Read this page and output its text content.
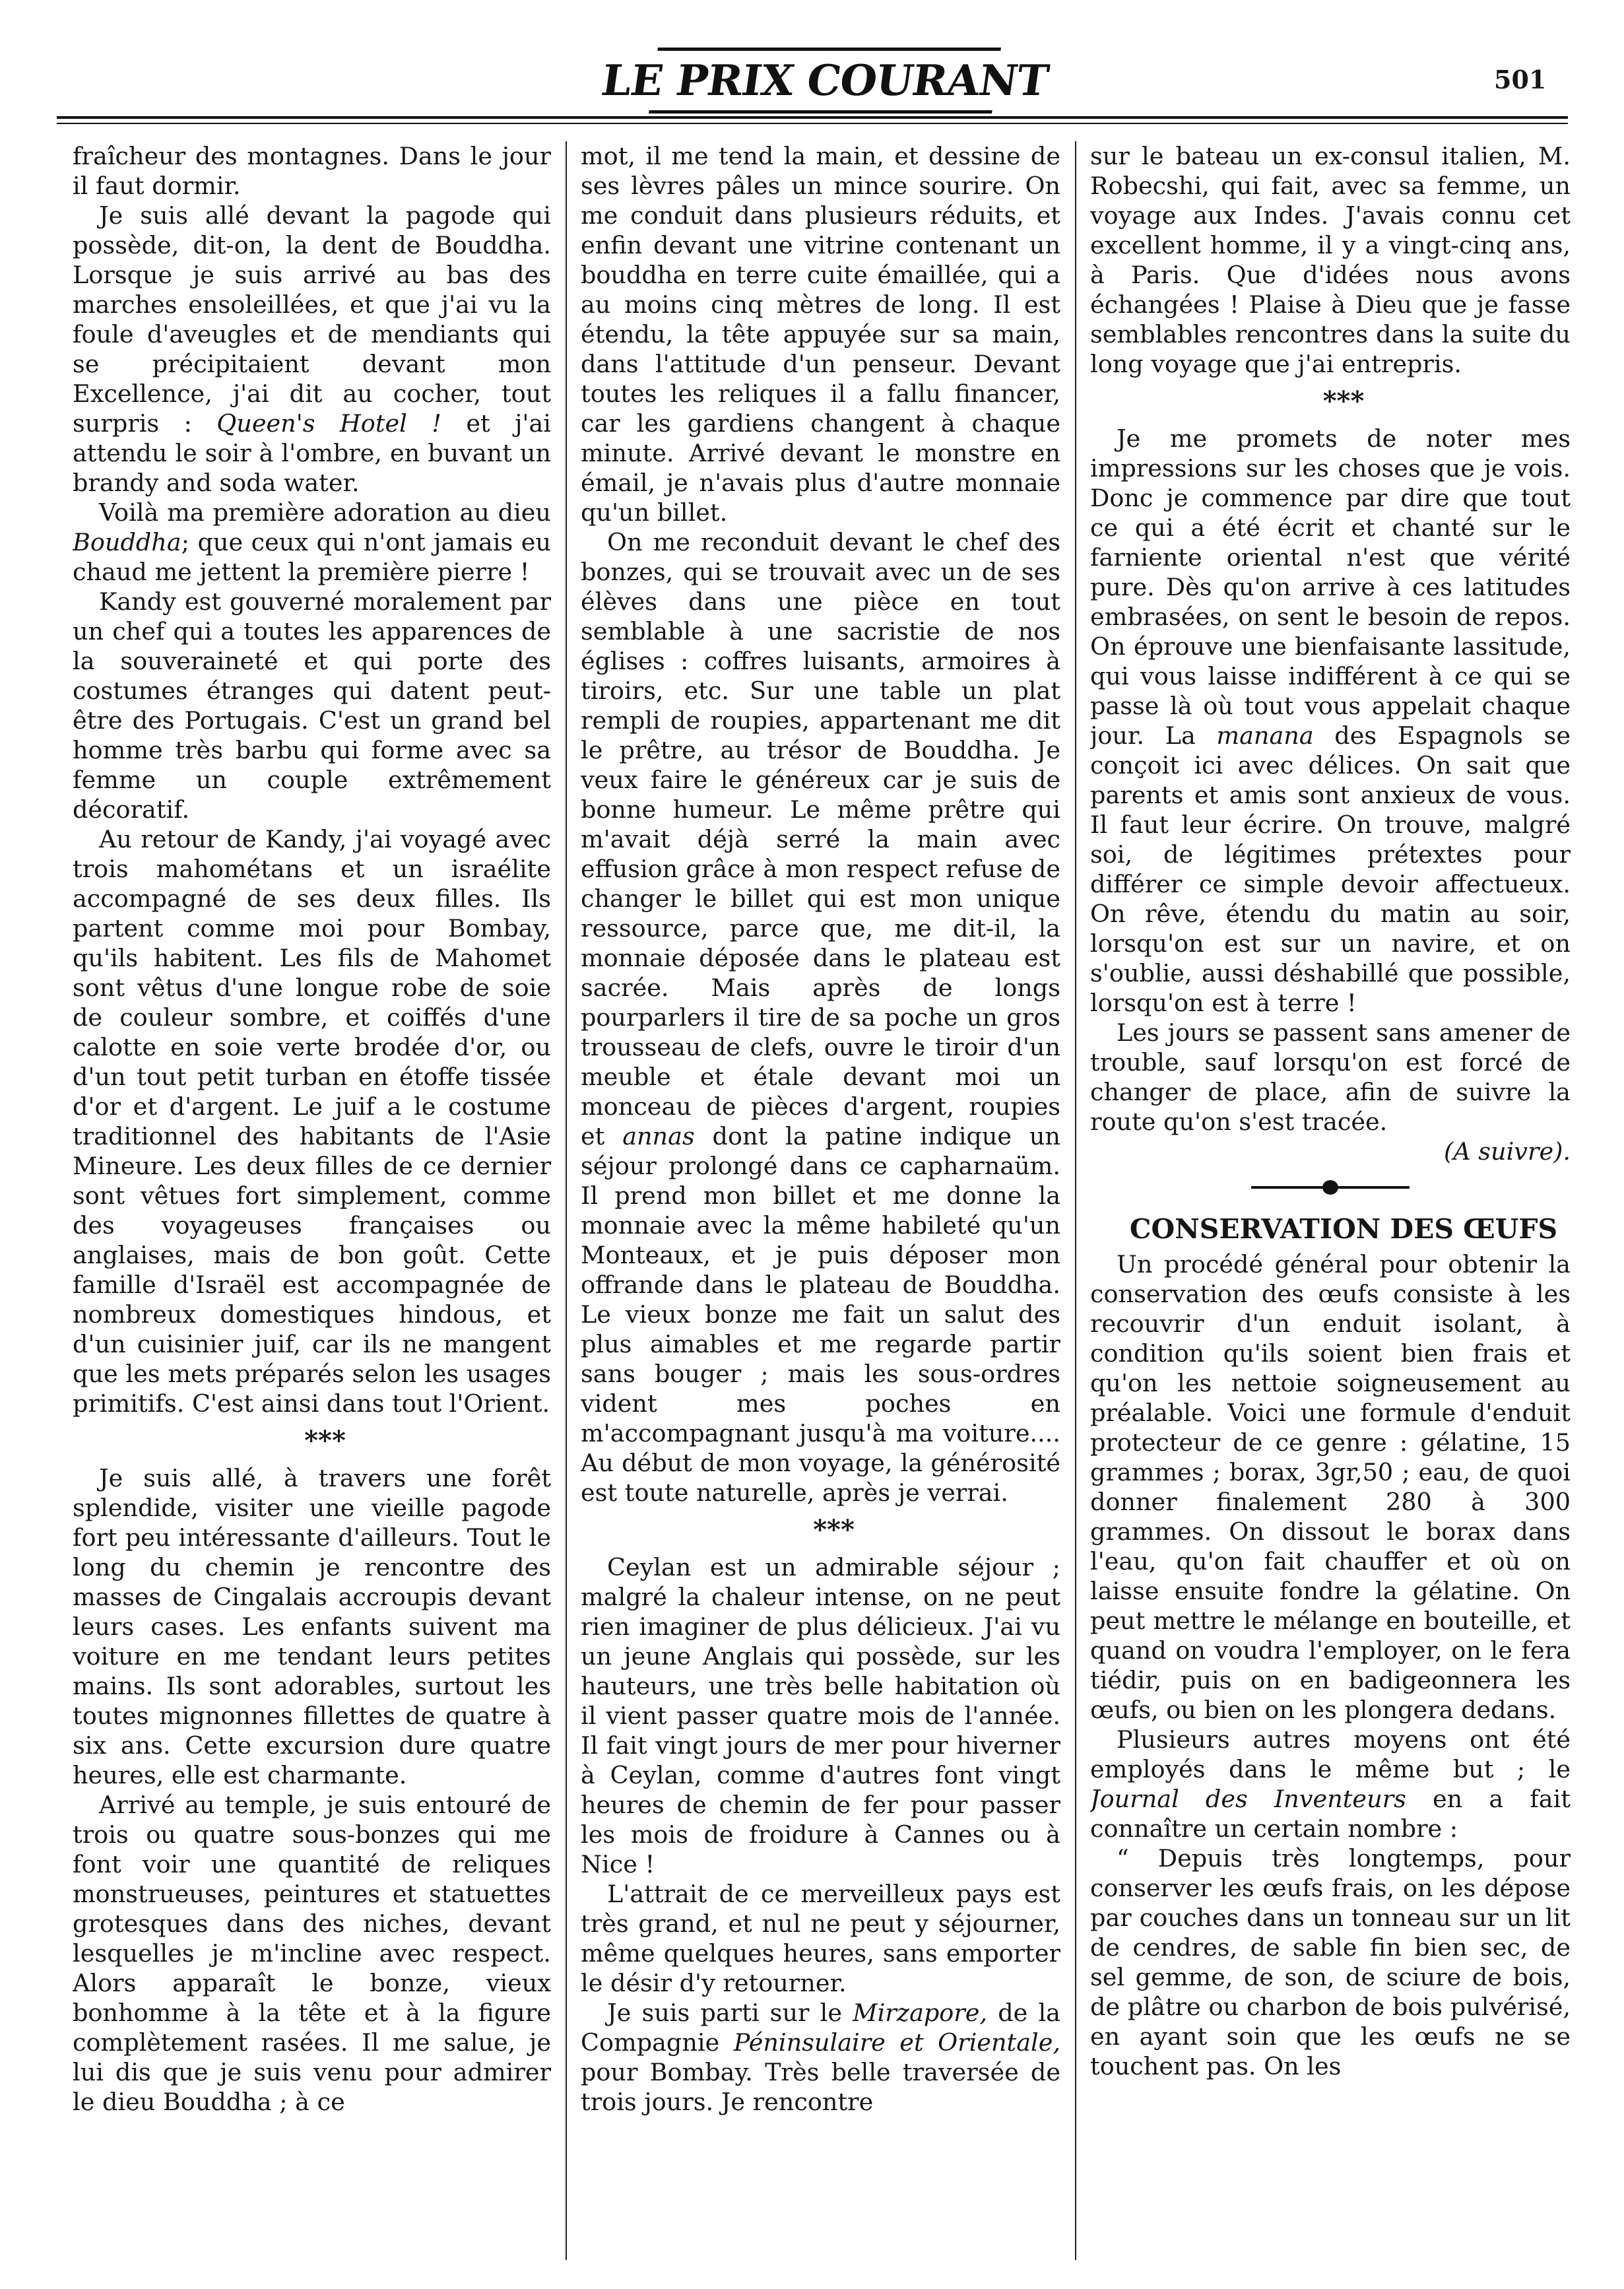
LE PRIX COURANT	501

fraîcheur des montagnes. Dans le jour il faut dormir.

Je suis allé devant la pagode qui possède, dit-on, la dent de Bouddha. Lorsque je suis arrivé au bas des marches ensoleillées, et que j'ai vu la foule d'aveugles et de mendiants qui se précipitaient devant mon Excellence, j'ai dit au cocher, tout surpris : Queen's Hotel ! et j'ai attendu le soir à l'ombre, en buvant un brandy and soda water.

Voilà ma première adoration au dieu Bouddha; que ceux qui n'ont jamais eu chaud me jettent la première pierre !

Kandy est gouverné moralement par un chef qui a toutes les apparences de la souveraineté et qui porte des costumes étranges qui datent peut-être des Portugais. C'est un grand bel homme très barbu qui forme avec sa femme un couple extrêmement décoratif.

Au retour de Kandy, j'ai voyagé avec trois mahométans et un israélite accompagné de ses deux filles. Ils partent comme moi pour Bombay, qu'ils habitent. Les fils de Mahomet sont vêtus d'une longue robe de soie de couleur sombre, et coiffés d'une calotte en soie verte brodée d'or, ou d'un tout petit turban en étoffe tissée d'or et d'argent. Le juif a le costume traditionnel des habitants de l'Asie Mineure. Les deux filles de ce dernier sont vêtues fort simplement, comme des voyageuses françaises ou anglaises, mais de bon goût. Cette famille d'Israël est accompagnée de nombreux domestiques hindous, et d'un cuisinier juif, car ils ne mangent que les mets préparés selon les usages primitifs. C'est ainsi dans tout l'Orient.

***

Je suis allé, à travers une forêt splendide, visiter une vieille pagode fort peu intéressante d'ailleurs. Tout le long du chemin je rencontre des masses de Cingalais accroupis devant leurs cases. Les enfants suivent ma voiture en me tendant leurs petites mains. Ils sont adorables, surtout les toutes mignonnes fillettes de quatre à six ans. Cette excursion dure quatre heures, elle est charmante.

Arrivé au temple, je suis entouré de trois ou quatre sous-bonzes qui me font voir une quantité de reliques monstrueuses, peintures et statuettes grotesques dans des niches, devant lesquelles je m'incline avec respect. Alors apparaît le bonze, vieux bonhomme à la tête et à la figure complètement rasées. Il me salue, je lui dis que je suis venu pour admirer le dieu Bouddha ; à ce

mot, il me tend la main, et dessine de ses lèvres pâles un mince sourire. On me conduit dans plusieurs réduits, et enfin devant une vitrine contenant un bouddha en terre cuite émaillée, qui a au moins cinq mètres de long. Il est étendu, la tête appuyée sur sa main, dans l'attitude d'un penseur. Devant toutes les reliques il a fallu financer, car les gardiens changent à chaque minute. Arrivé devant le monstre en émail, je n'avais plus d'autre monnaie qu'un billet.

On me reconduit devant le chef des bonzes, qui se trouvait avec un de ses élèves dans une pièce en tout semblable à une sacristie de nos églises : coffres luisants, armoires à tiroirs, etc. Sur une table un plat rempli de roupies, appartenant me dit le prêtre, au trésor de Bouddha. Je veux faire le généreux car je suis de bonne humeur. Le même prêtre qui m'avait déjà serré la main avec effusion grâce à mon respect refuse de changer le billet qui est mon unique ressource, parce que, me dit-il, la monnaie déposée dans le plateau est sacrée. Mais après de longs pourparlers il tire de sa poche un gros trousseau de clefs, ouvre le tiroir d'un meuble et étale devant moi un monceau de pièces d'argent, roupies et annas dont la patine indique un séjour prolongé dans ce capharnaüm. Il prend mon billet et me donne la monnaie avec la même habileté qu'un Monteaux, et je puis déposer mon offrande dans le plateau de Bouddha. Le vieux bonze me fait un salut des plus aimables et me regarde partir sans bouger ; mais les sous-ordres vident mes poches en m'accompagnant jusqu'à ma voiture.... Au début de mon voyage, la générosité est toute naturelle, après je verrai.

***

Ceylan est un admirable séjour ; malgré la chaleur intense, on ne peut rien imaginer de plus délicieux. J'ai vu un jeune Anglais qui possède, sur les hauteurs, une très belle habitation où il vient passer quatre mois de l'année. Il fait vingt jours de mer pour hiverner à Ceylan, comme d'autres font vingt heures de chemin de fer pour passer les mois de froidure à Cannes ou à Nice !

L'attrait de ce merveilleux pays est très grand, et nul ne peut y séjourner, même quelques heures, sans emporter le désir d'y retourner.

Je suis parti sur le Mirzapore, de la Compagnie Péninsulaire et Orientale, pour Bombay. Très belle traversée de trois jours. Je rencontre

sur le bateau un ex-consul italien, M. Robecshi, qui fait, avec sa femme, un voyage aux Indes. J'avais connu cet excellent homme, il y a vingt-cinq ans, à Paris. Que d'idées nous avons échangées ! Plaise à Dieu que je fasse semblables rencontres dans la suite du long voyage que j'ai entrepris.

***

Je me promets de noter mes impressions sur les choses que je vois. Donc je commence par dire que tout ce qui a été écrit et chanté sur le farniente oriental n'est que vérité pure. Dès qu'on arrive à ces latitudes embrasées, on sent le besoin de repos. On éprouve une bienfaisante lassitude, qui vous laisse indifférent à ce qui se passe là où tout vous appelait chaque jour. La manana des Espagnols se conçoit ici avec délices. On sait que parents et amis sont anxieux de vous. Il faut leur écrire. On trouve, malgré soi, de légitimes prétextes pour différer ce simple devoir affectueux. On rêve, étendu du matin au soir, lorsqu'on est sur un navire, et on s'oublie, aussi déshabillé que possible, lorsqu'on est à terre !

Les jours se passent sans amener de trouble, sauf lorsqu'on est forcé de changer de place, afin de suivre la route qu'on s'est tracée.

(A suivre).

CONSERVATION DES ŒUFS

Un procédé général pour obtenir la conservation des œufs consiste à les recouvrir d'un enduit isolant, à condition qu'ils soient bien frais et qu'on les nettoie soigneusement au préalable. Voici une formule d'enduit protecteur de ce genre : gélatine, 15 grammes ; borax, 3gr,50 ; eau, de quoi donner finalement 280 à 300 grammes. On dissout le borax dans l'eau, qu'on fait chauffer et où on laisse ensuite fondre la gélatine. On peut mettre le mélange en bouteille, et quand on voudra l'employer, on le fera tiédir, puis on en badigeonnera les œufs, ou bien on les plongera dedans.

Plusieurs autres moyens ont été employés dans le même but ; le Journal des Inventeurs en a fait connaître un certain nombre :

“ Depuis très longtemps, pour conserver les œufs frais, on les dépose par couches dans un tonneau sur un lit de cendres, de sable fin bien sec, de sel gemme, de son, de sciure de bois, de plâtre ou charbon de bois pulvérisé, en ayant soin que les œufs ne se touchent pas. On les
